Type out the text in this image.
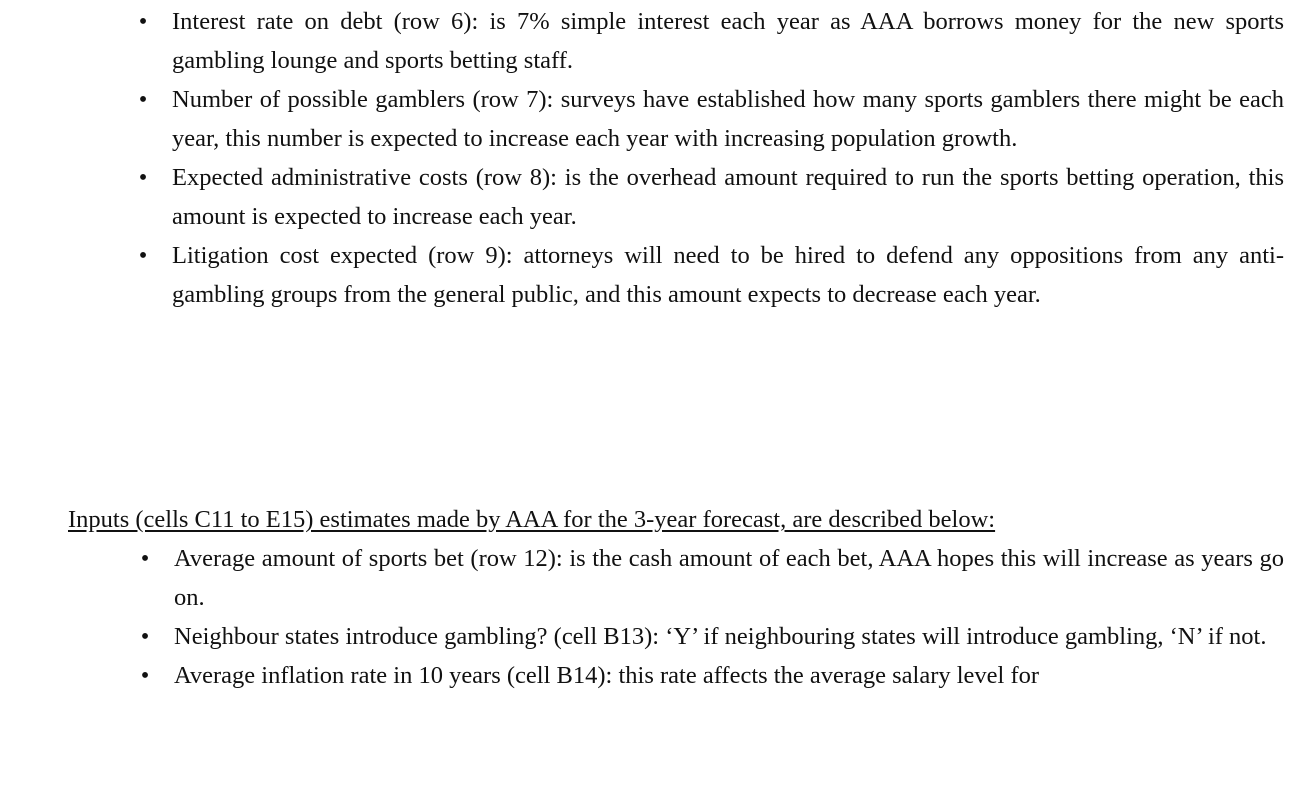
• Interest rate on debt (row 6): is 7% simple interest each year as AAA borrows money for the new sports gambling lounge and sports betting staff.
• Number of possible gamblers (row 7): surveys have established how many sports gamblers there might be each year, this number is expected to increase each year with increasing population growth.
• Expected administrative costs (row 8): is the overhead amount required to run the sports betting operation, this amount is expected to increase each year.
• Litigation cost expected (row 9): attorneys will need to be hired to defend any oppositions from any anti-gambling groups from the general public, and this amount expects to decrease each year.
Inputs (cells C11 to E15) estimates made by AAA for the 3-year forecast, are described below:
• Average amount of sports bet (row 12): is the cash amount of each bet, AAA hopes this will increase as years go on.
• Neighbour states introduce gambling? (cell B13): ‘Y’ if neighbouring states will introduce gambling, ‘N’ if not.
• Average inflation rate in 10 years (cell B14): this rate affects the average salary level for
